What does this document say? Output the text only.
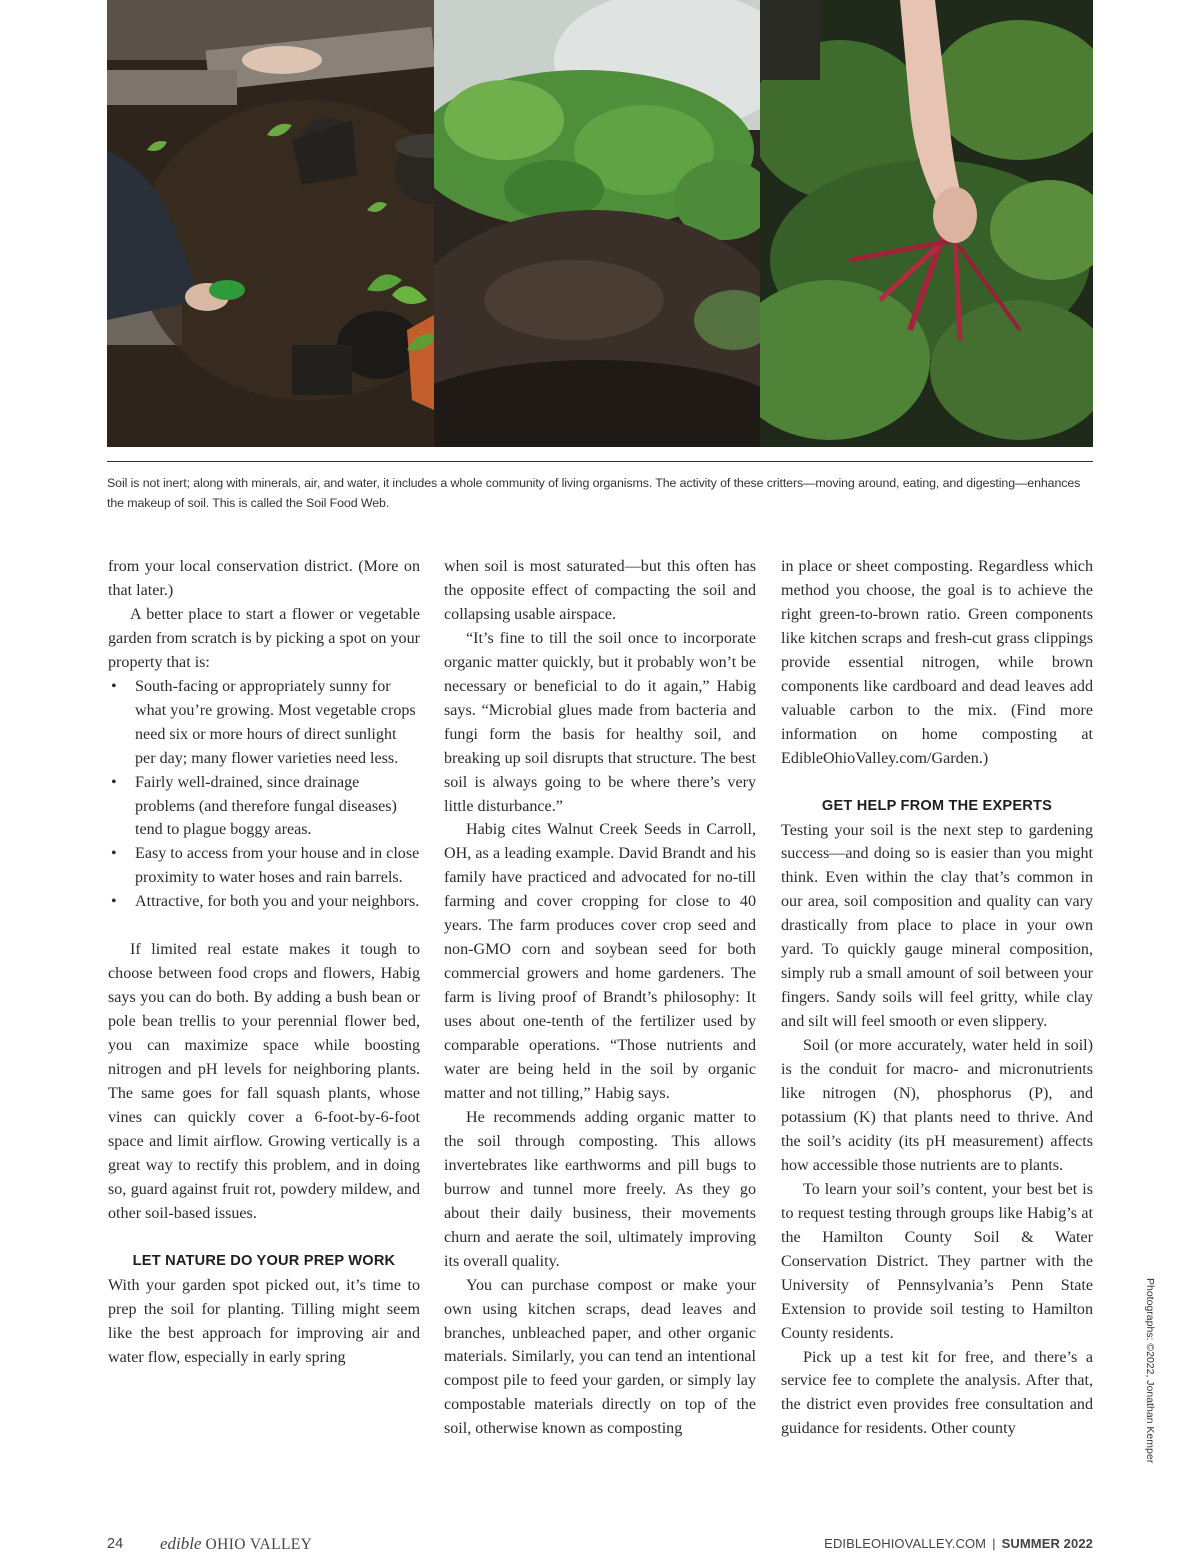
Soil is not inert; along with minerals, air, and water, it includes a whole community of living organisms. The activity of these critters—moving around, eating, and digesting—enhances the makeup of soil. This is called the Soil Food Web.

from your local conservation district. (More on that later.)

A better place to start a flower or vegetable garden from scratch is by picking a spot on your property that is:

• South-facing or appropriately sunny for what you’re growing. Most vegetable crops need six or more hours of direct sunlight per day; many flower varieties need less.
• Fairly well-drained, since drainage problems (and therefore fungal diseases) tend to plague boggy areas.
• Easy to access from your house and in close proximity to water hoses and rain barrels.
• Attractive, for both you and your neighbors.

If limited real estate makes it tough to choose between food crops and flowers, Habig says you can do both. By adding a bush bean or pole bean trellis to your perennial flower bed, you can maximize space while boosting nitrogen and pH levels for neighboring plants. The same goes for fall squash plants, whose vines can quickly cover a 6-foot-by-6-foot space and limit airflow. Growing vertically is a great way to rectify this problem, and in doing so, guard against fruit rot, powdery mildew, and other soil-based issues.

LET NATURE DO YOUR PREP WORK

With your garden spot picked out, it’s time to prep the soil for planting. Tilling might seem like the best approach for improving air and water flow, especially in early spring

when soil is most saturated—but this often has the opposite effect of compacting the soil and collapsing usable airspace.

“It’s fine to till the soil once to incorporate organic matter quickly, but it probably won’t be necessary or beneficial to do it again,” Habig says. “Microbial glues made from bacteria and fungi form the basis for healthy soil, and breaking up soil disrupts that structure. The best soil is always going to be where there’s very little disturbance.”

Habig cites Walnut Creek Seeds in Carroll, OH, as a leading example. David Brandt and his family have practiced and advocated for no-till farming and cover cropping for close to 40 years. The farm produces cover crop seed and non-GMO corn and soybean seed for both commercial growers and home gardeners. The farm is living proof of Brandt’s philosophy: It uses about one-tenth of the fertilizer used by comparable operations. “Those nutrients and water are being held in the soil by organic matter and not tilling,” Habig says.

He recommends adding organic matter to the soil through composting. This allows invertebrates like earthworms and pill bugs to burrow and tunnel more freely. As they go about their daily business, their movements churn and aerate the soil, ultimately improving its overall quality.

You can purchase compost or make your own using kitchen scraps, dead leaves and branches, unbleached paper, and other organic materials. Similarly, you can tend an intentional compost pile to feed your garden, or simply lay compostable materials directly on top of the soil, otherwise known as composting

in place or sheet composting. Regardless which method you choose, the goal is to achieve the right green-to-brown ratio. Green components like kitchen scraps and fresh-cut grass clippings provide essential nitrogen, while brown components like cardboard and dead leaves add valuable carbon to the mix. (Find more information on home composting at EdibleOhioValley.com/Garden.)

GET HELP FROM THE EXPERTS

Testing your soil is the next step to gardening success—and doing so is easier than you might think. Even within the clay that’s common in our area, soil composition and quality can vary drastically from place to place in your own yard. To quickly gauge mineral composition, simply rub a small amount of soil between your fingers. Sandy soils will feel gritty, while clay and silt will feel smooth or even slippery.

Soil (or more accurately, water held in soil) is the conduit for macro- and micronutrients like nitrogen (N), phosphorus (P), and potassium (K) that plants need to thrive. And the soil’s acidity (its pH measurement) affects how accessible those nutrients are to plants.

To learn your soil’s content, your best bet is to request testing through groups like Habig’s at the Hamilton County Soil & Water Conservation District. They partner with the University of Pennsylvania’s Penn State Extension to provide soil testing to Hamilton County residents.

Pick up a test kit for free, and there’s a service fee to complete the analysis. After that, the district even provides free consultation and guidance for residents. Other county	Photographs: ©2022, Jonathan Kemper
24 edible OHIO VALLEY	EDIBLEOHIOVALLEY.COM | SUMMER 2022
